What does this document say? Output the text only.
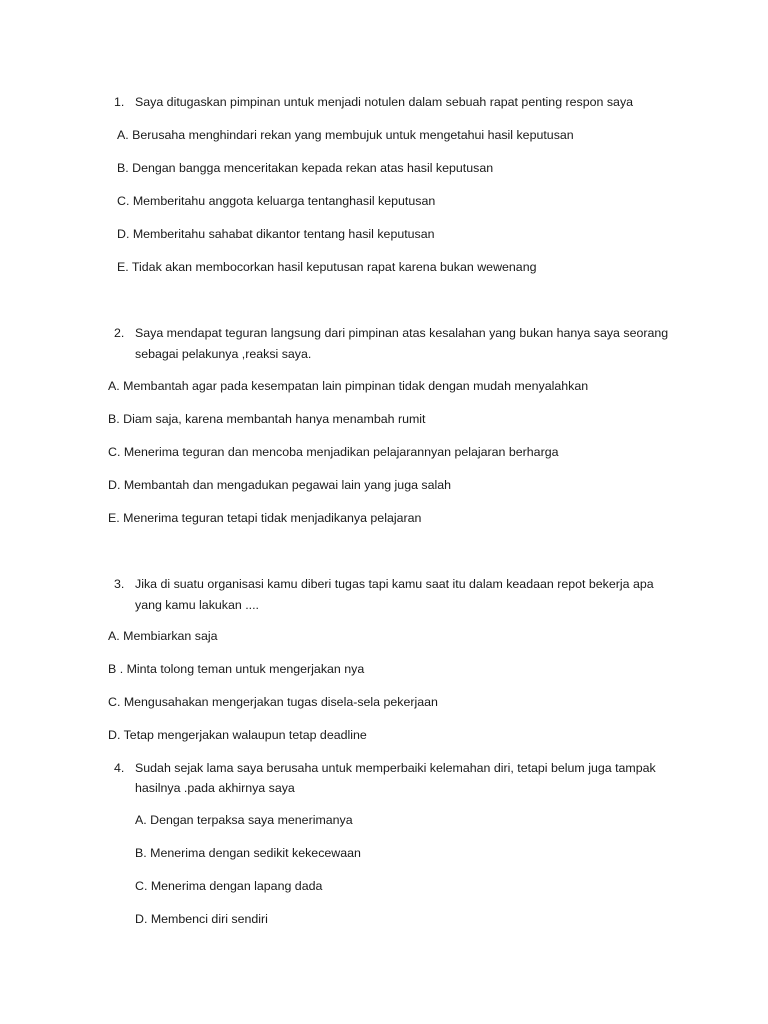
1. Saya ditugaskan pimpinan untuk menjadi notulen dalam sebuah rapat penting respon saya
A. Berusaha menghindari rekan yang membujuk untuk mengetahui hasil keputusan
B. Dengan bangga menceritakan kepada rekan atas hasil keputusan
C. Memberitahu anggota keluarga tentanghasil keputusan
D. Memberitahu sahabat dikantor tentang hasil keputusan
E. Tidak akan membocorkan hasil keputusan rapat karena bukan wewenang
2. Saya mendapat teguran langsung dari pimpinan atas kesalahan yang bukan hanya saya seorang
sebagai pelakunya ,reaksi saya.
A. Membantah agar pada kesempatan lain pimpinan tidak dengan mudah menyalahkan
B. Diam saja, karena membantah hanya menambah rumit
C. Menerima teguran dan mencoba menjadikan pelajarannyan pelajaran berharga
D. Membantah dan mengadukan pegawai lain yang juga salah
E. Menerima teguran tetapi tidak menjadikanya pelajaran
3. Jika di suatu organisasi kamu diberi tugas tapi kamu saat itu dalam keadaan repot bekerja apa
yang kamu lakukan ....
A. Membiarkan saja
B . Minta tolong teman untuk mengerjakan nya
C. Mengusahakan mengerjakan tugas disela-sela pekerjaan
D. Tetap mengerjakan walaupun tetap deadline
4. Sudah sejak lama saya berusaha untuk memperbaiki kelemahan diri, tetapi belum juga tampak
hasilnya .pada akhirnya saya
A. Dengan terpaksa saya menerimanya
B. Menerima dengan sedikit kekecewaan
C. Menerima dengan lapang dada
D. Membenci diri sendiri
